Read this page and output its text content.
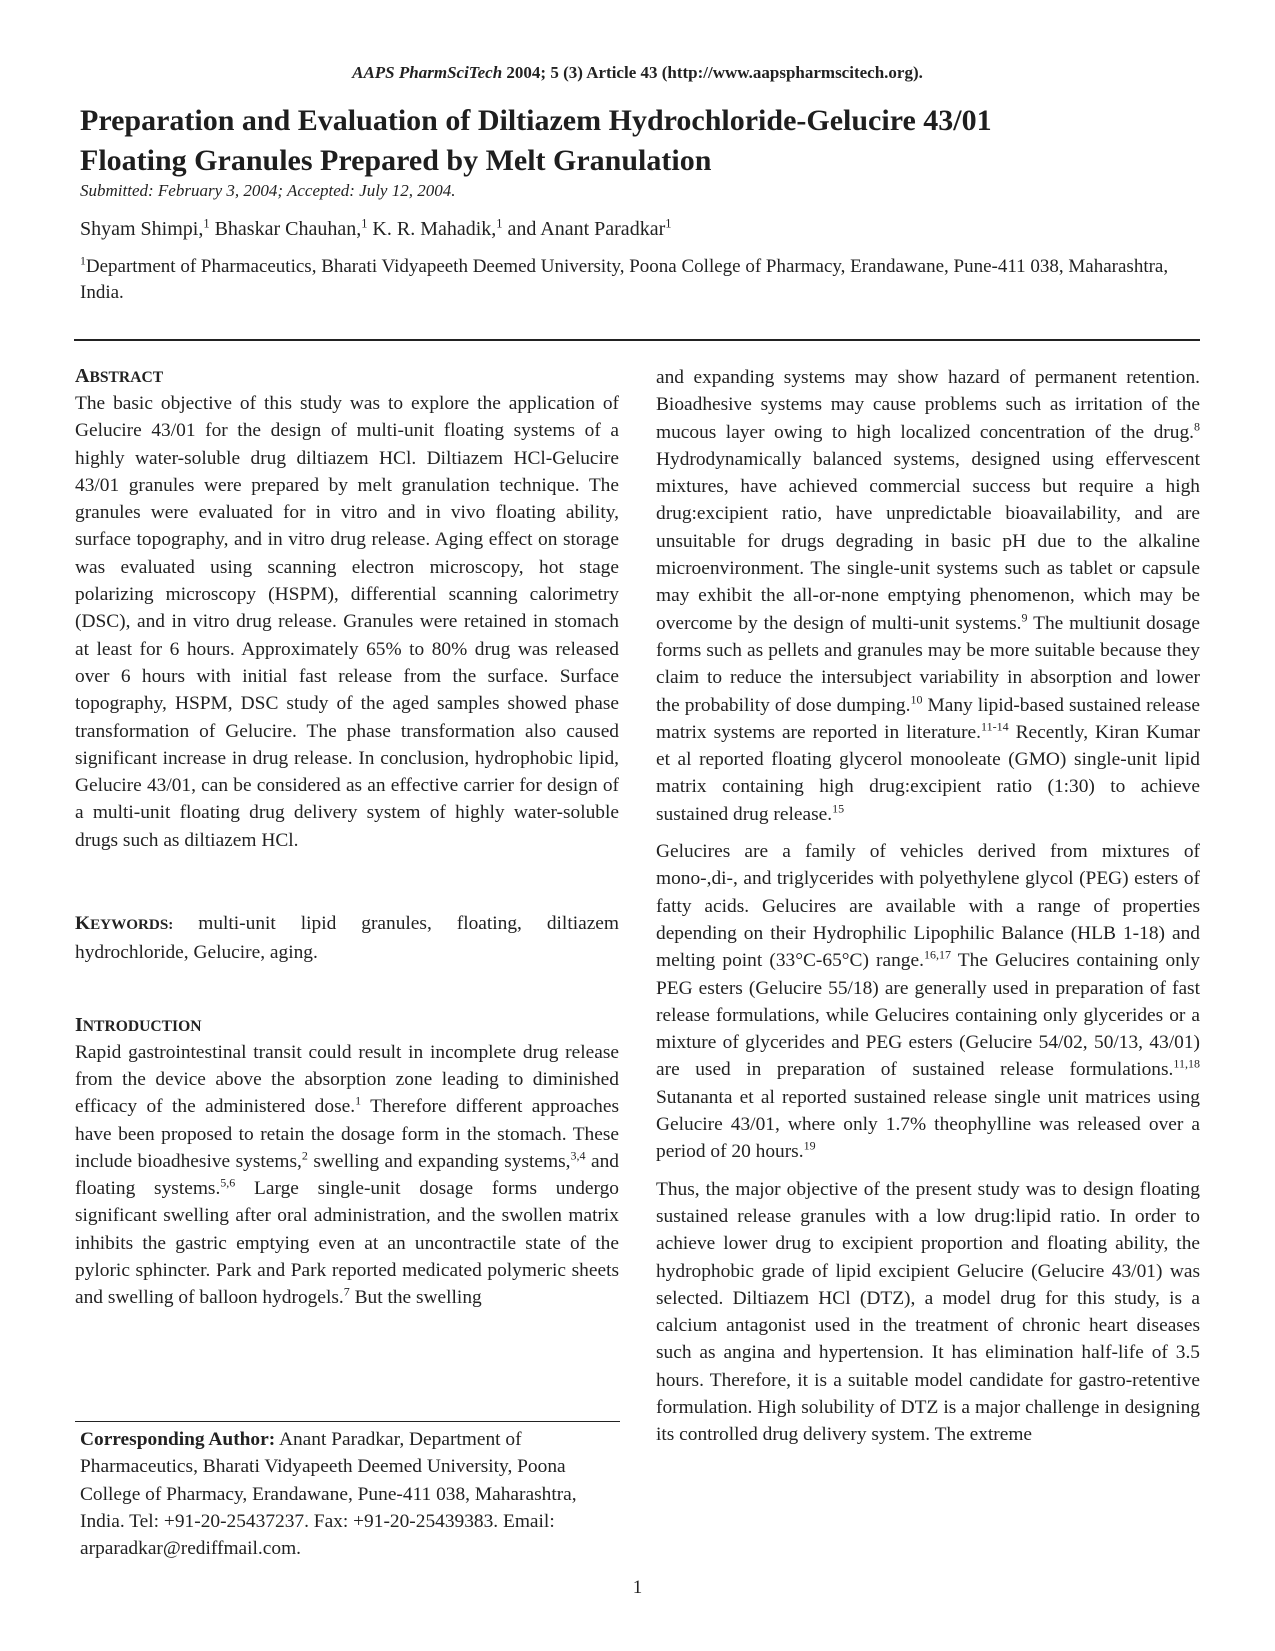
AAPS PharmSciTech 2004; 5 (3) Article 43 (http://www.aapspharmscitech.org).
Preparation and Evaluation of Diltiazem Hydrochloride-Gelucire 43/01
Floating Granules Prepared by Melt Granulation
Submitted: February 3, 2004; Accepted: July 12, 2004.
Shyam Shimpi,$^1$ Bhaskar Chauhan,$^1$ K. R. Mahadik,$^1$ and Anant Paradkar$^1$
$^1$Department of Pharmaceutics, Bharati Vidyapeeth Deemed University, Poona College of Pharmacy, Erandawane, Pune-411 038, Maharashtra, India.

ABSTRACT

The basic objective of this study was to explore the application of Gelucire 43/01 for the design of multi-unit floating systems of a highly water-soluble drug diltiazem HCl. Diltiazem HCl-Gelucire 43/01 granules were prepared by melt granulation technique. The granules were evaluated for in vitro and in vivo floating ability, surface topography, and in vitro drug release. Aging effect on storage was evaluated using scanning electron microscopy, hot stage polarizing microscopy (HSPM), differential scanning calorimetry (DSC), and in vitro drug release. Granules were retained in stomach at least for 6 hours. Approximately 65% to 80% drug was released over 6 hours with initial fast release from the surface. Surface topography, HSPM, DSC study of the aged samples showed phase transformation of Gelucire. The phase transformation also caused significant increase in drug release. In conclusion, hydrophobic lipid, Gelucire 43/01, can be considered as an effective carrier for design of a multi-unit floating drug delivery system of highly water-soluble drugs such as diltiazem HCl.

KEYWORDS: multi-unit lipid granules, floating, diltiazem hydrochloride, Gelucire, aging.

INTRODUCTION

Rapid gastrointestinal transit could result in incomplete drug release from the device above the absorption zone leading to diminished efficacy of the administered dose.$^1$ Therefore different approaches have been proposed to retain the dosage form in the stomach. These include bioadhesive systems,$^2$ swelling and expanding systems,$^{3,4}$ and floating systems.$^{5,6}$ Large single-unit dosage forms undergo significant swelling after oral administration, and the swollen matrix inhibits the gastric emptying even at an uncontractile state of the pyloric sphincter. Park and Park reported medicated polymeric sheets and swelling of balloon hydrogels.$^7$ But the swelling

Corresponding Author: Anant Paradkar, Department of Pharmaceutics, Bharati Vidyapeeth Deemed University, Poona College of Pharmacy, Erandawane, Pune-411 038, Maharashtra, India. Tel: +91-20-25437237. Fax: +91-20-25439383. Email: arparadkar@rediffmail.com.

and expanding systems may show hazard of permanent retention. Bioadhesive systems may cause problems such as irritation of the mucous layer owing to high localized concentration of the drug.$^8$ Hydrodynamically balanced systems, designed using effervescent mixtures, have achieved commercial success but require a high drug:excipient ratio, have unpredictable bioavailability, and are unsuitable for drugs degrading in basic pH due to the alkaline microenvironment. The single-unit systems such as tablet or capsule may exhibit the all-or-none emptying phenomenon, which may be overcome by the design of multi-unit systems.$^9$ The multiunit dosage forms such as pellets and granules may be more suitable because they claim to reduce the intersubject variability in absorption and lower the probability of dose dumping.$^{10}$ Many lipid-based sustained release matrix systems are reported in literature.$^{11-14}$ Recently, Kiran Kumar et al reported floating glycerol monooleate (GMO) single-unit lipid matrix containing high drug:excipient ratio (1:30) to achieve sustained drug release.$^{15}$

Gelucires are a family of vehicles derived from mixtures of mono-,di-, and triglycerides with polyethylene glycol (PEG) esters of fatty acids. Gelucires are available with a range of properties depending on their Hydrophilic Lipophilic Balance (HLB 1-18) and melting point (33°C-65°C) range.$^{16,17}$ The Gelucires containing only PEG esters (Gelucire 55/18) are generally used in preparation of fast release formulations, while Gelucires containing only glycerides or a mixture of glycerides and PEG esters (Gelucire 54/02, 50/13, 43/01) are used in preparation of sustained release formulations.$^{11,18}$ Sutananta et al reported sustained release single unit matrices using Gelucire 43/01, where only 1.7% theophylline was released over a period of 20 hours.$^{19}$

Thus, the major objective of the present study was to design floating sustained release granules with a low drug:lipid ratio. In order to achieve lower drug to excipient proportion and floating ability, the hydrophobic grade of lipid excipient Gelucire (Gelucire 43/01) was selected. Diltiazem HCl (DTZ), a model drug for this study, is a calcium antagonist used in the treatment of chronic heart diseases such as angina and hypertension. It has elimination half-life of 3.5 hours. Therefore, it is a suitable model candidate for gastro-retentive formulation. High solubility of DTZ is a major challenge in designing its controlled drug delivery system. The extreme

1
